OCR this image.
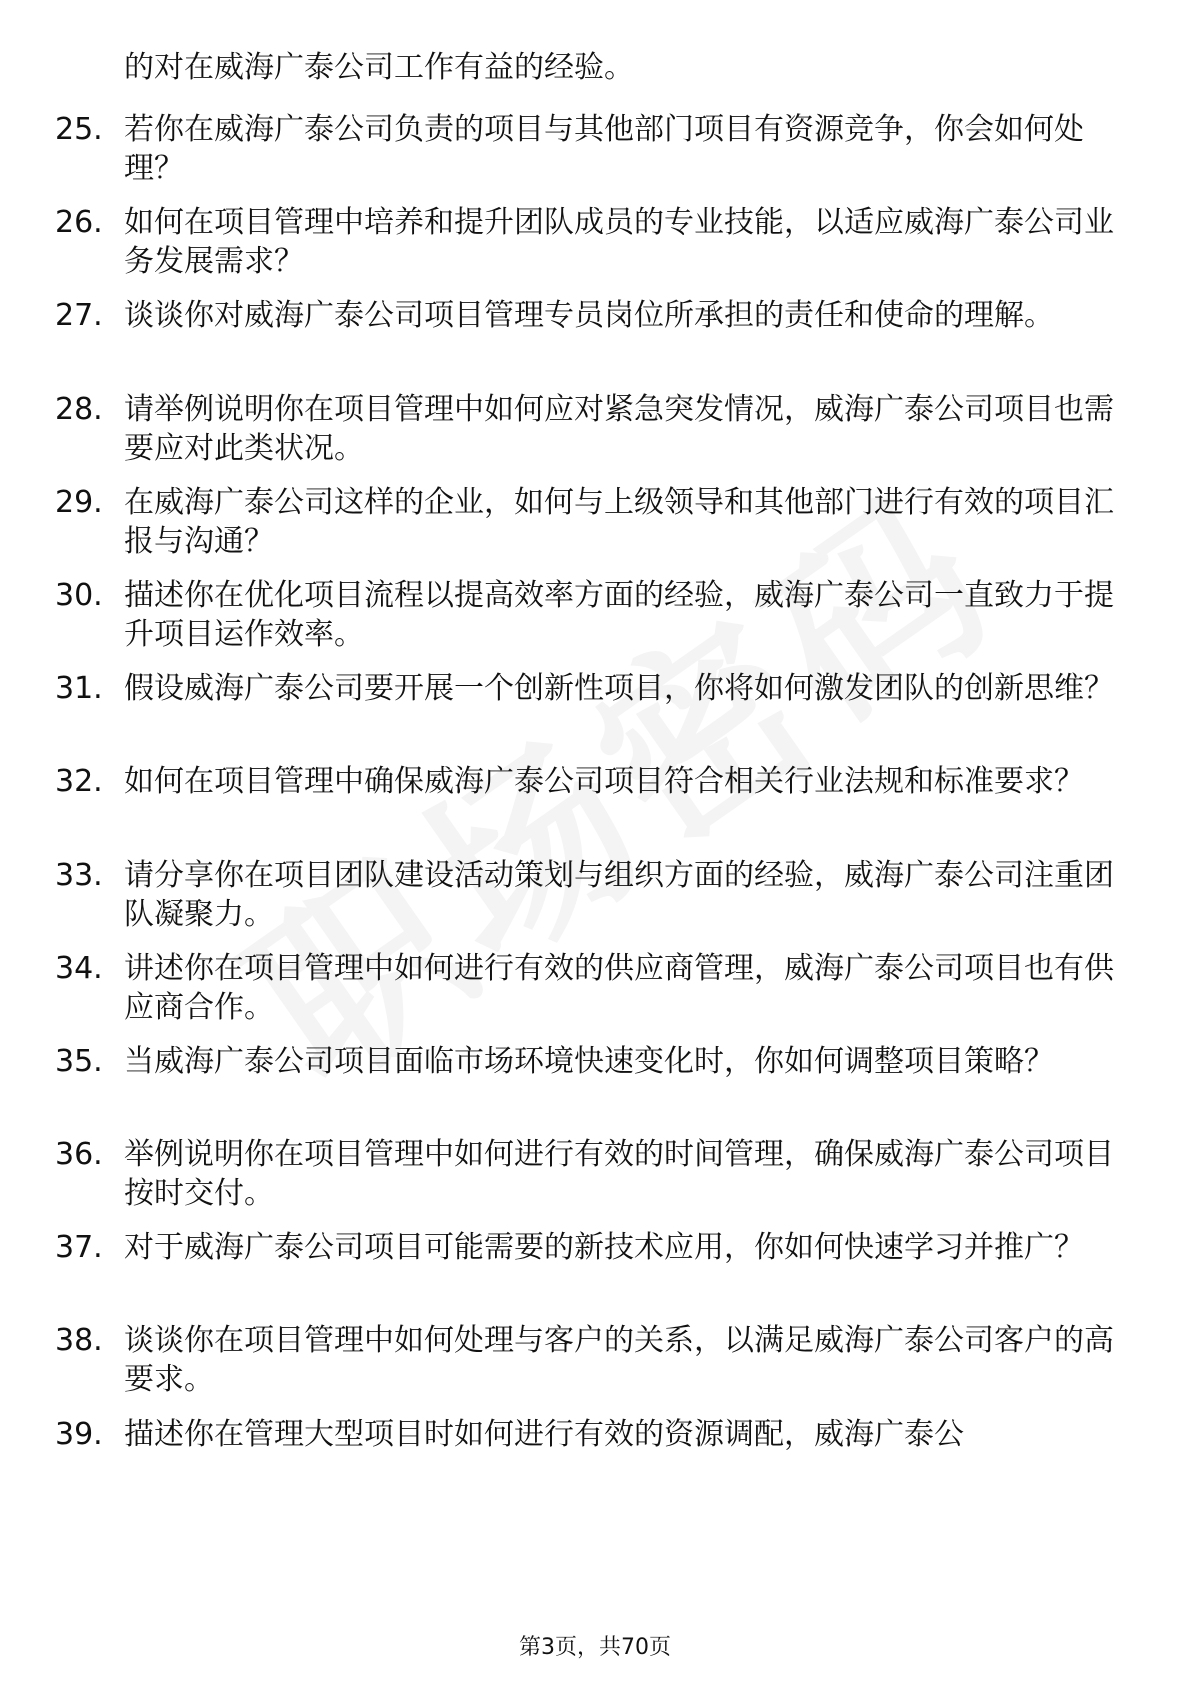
的对在威海广泰公司工作有益的经验。
25. 若你在威海广泰公司负责的项目与其他部门项目有资源竞争，你会如何处理？
26. 如何在项目管理中培养和提升团队成员的专业技能，以适应威海广泰公司业务发展需求？
27. 谈谈你对威海广泰公司项目管理专员岗位所承担的责任和使命的理解。
28. 请举例说明你在项目管理中如何应对紧急突发情况，威海广泰公司项目也需要应对此类状况。
29. 在威海广泰公司这样的企业，如何与上级领导和其他部门进行有效的项目汇报与沟通？
30. 描述你在优化项目流程以提高效率方面的经验，威海广泰公司一直致力于提升项目运作效率。
31. 假设威海广泰公司要开展一个创新性项目，你将如何激发团队的创新思维？
32. 如何在项目管理中确保威海广泰公司项目符合相关行业法规和标准要求？
33. 请分享你在项目团队建设活动策划与组织方面的经验，威海广泰公司注重团队凝聚力。
34. 讲述你在项目管理中如何进行有效的供应商管理，威海广泰公司项目也有供应商合作。
35. 当威海广泰公司项目面临市场环境快速变化时，你如何调整项目策略？
36. 举例说明你在项目管理中如何进行有效的时间管理，确保威海广泰公司项目按时交付。
37. 对于威海广泰公司项目可能需要的新技术应用，你如何快速学习并推广？
38. 谈谈你在项目管理中如何处理与客户的关系，以满足威海广泰公司客户的高要求。
39. 描述你在管理大型项目时如何进行有效的资源调配，威海广泰公
第3页，共70页
